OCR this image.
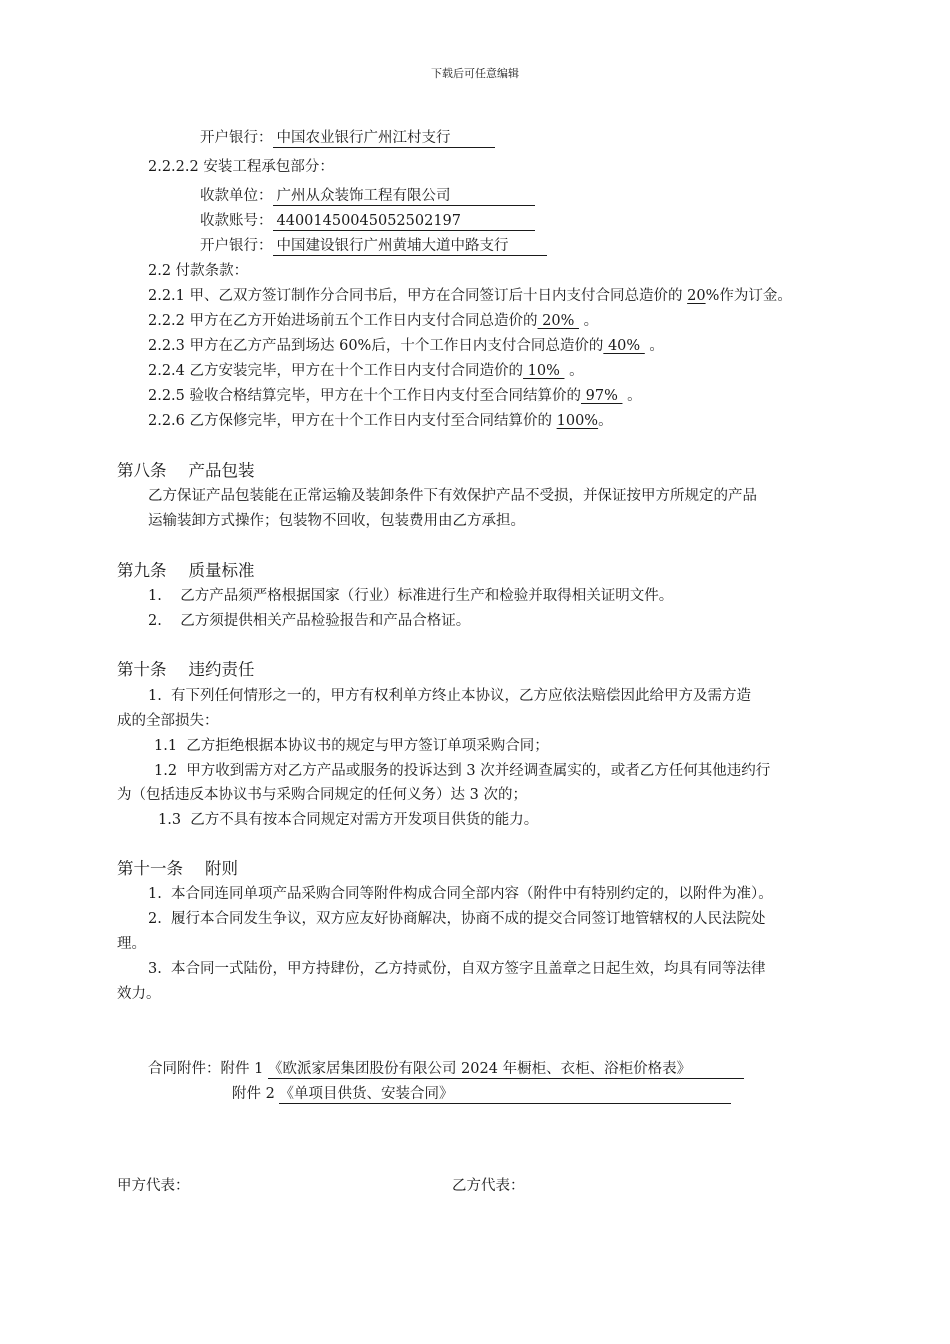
下载后可任意编辑
开户银行： 中国农业银行广州江村支行
2.2.2.2 安装工程承包部分：
收款单位： 广州从众装饰工程有限公司
收款账号： 44001450045052502197
开户银行： 中国建设银行广州黄埔大道中路支行
2.2 付款条款：
2.2.1 甲、乙双方签订制作分合同书后，甲方在合同签订后十日内支付合同总造价的 20%作为订金。
2.2.2 甲方在乙方开始进场前五个工作日内支付合同总造价的 20%  。
2.2.3 甲方在乙方产品到场达 60%后，十个工作日内支付合同总造价的 40%  。
2.2.4 乙方安装完毕，甲方在十个工作日内支付合同造价的 10%  。
2.2.5 验收合格结算完毕，甲方在十个工作日内支付至合同结算价的 97%  。
2.2.6 乙方保修完毕，甲方在十个工作日内支付至合同结算价的 100%。
第八条 产品包装
乙方保证产品包装能在正常运输及装卸条件下有效保护产品不受损，并保证按甲方所规定的产品
运输装卸方式操作；包装物不回收，包装费用由乙方承担。
第九条 质量标准
1.    乙方产品须严格根据国家（行业）标准进行生产和检验并取得相关证明文件。
2.    乙方须提供相关产品检验报告和产品合格证。
第十条 违约责任
1.  有下列任何情形之一的，甲方有权利单方终止本协议，乙方应依法赔偿因此给甲方及需方造
成的全部损失：
1.1  乙方拒绝根据本协议书的规定与甲方签订单项采购合同；
1.2  甲方收到需方对乙方产品或服务的投诉达到 3 次并经调查属实的，或者乙方任何其他违约行
为（包括违反本协议书与采购合同规定的任何义务）达 3 次的；
1.3  乙方不具有按本合同规定对需方开发项目供货的能力。
第十一条 附则
1.  本合同连同单项产品采购合同等附件构成合同全部内容（附件中有特别约定的，以附件为准）。
2.  履行本合同发生争议，双方应友好协商解决，协商不成的提交合同签订地管辖权的人民法院处
理。
3.  本合同一式陆份，甲方持肆份，乙方持贰份，自双方签字且盖章之日起生效，均具有同等法律
效力。
合同附件：附件 1 《欧派家居集团股份有限公司 2024 年橱柜、衣柜、浴柜价格表》
附件 2 《单项目供货、安装合同》
甲方代表：	乙方代表：
